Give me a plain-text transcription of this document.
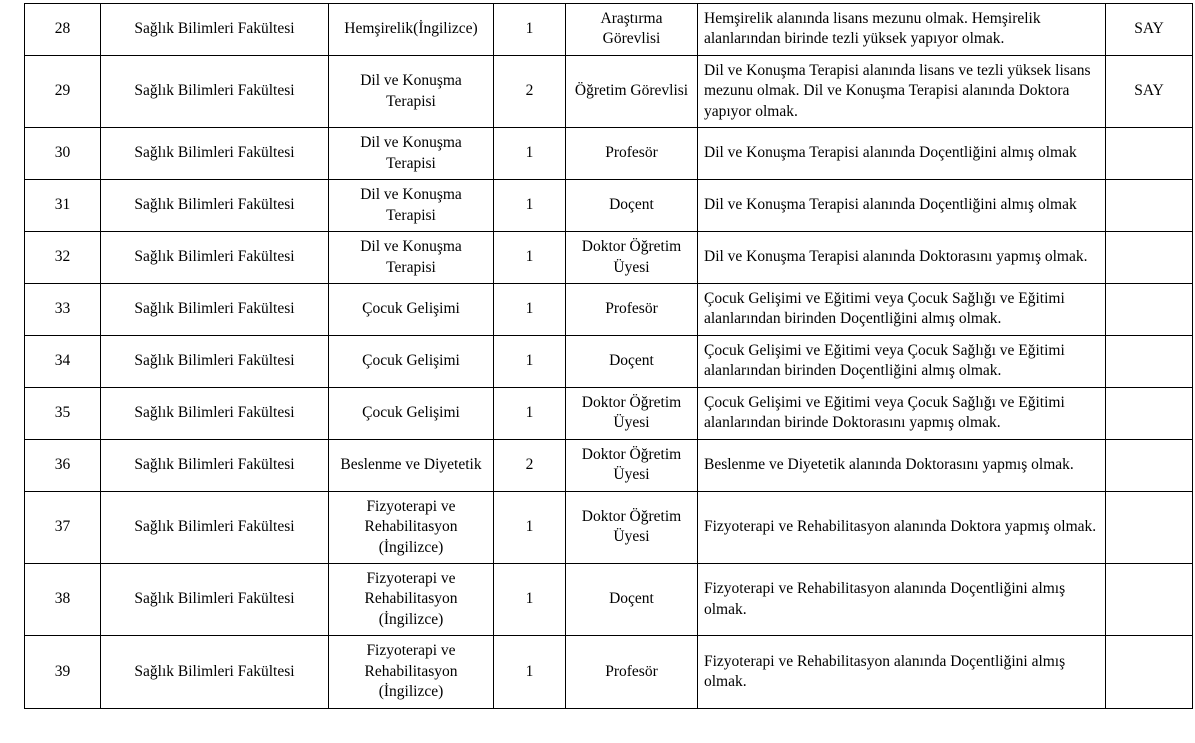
28	Sağlık Bilimleri Fakültesi	Hemşirelik(İngilizce)	1	Araştırma
Görevlisi	Hemşirelik alanında lisans mezunu olmak. Hemşirelik alanlarından birinde tezli yüksek yapıyor olmak.	SAY

29	Sağlık Bilimleri Fakültesi	Dil ve Konuşma
Terapisi	2	Öğretim Görevlisi	Dil ve Konuşma Terapisi alanında lisans ve tezli yüksek lisans mezunu olmak. Dil ve Konuşma Terapisi alanında Doktora yapıyor olmak.	SAY

30	Sağlık Bilimleri Fakültesi	Dil ve Konuşma
Terapisi	1	Profesör	Dil ve Konuşma Terapisi alanında Doçentliğini almış olmak	

31	Sağlık Bilimleri Fakültesi	Dil ve Konuşma
Terapisi	1	Doçent	Dil ve Konuşma Terapisi alanında Doçentliğini almış olmak	

32	Sağlık Bilimleri Fakültesi	Dil ve Konuşma
Terapisi	1	Doktor Öğretim
Üyesi	Dil ve Konuşma Terapisi alanında Doktorasını yapmış olmak.	

33	Sağlık Bilimleri Fakültesi	Çocuk Gelişimi	1	Profesör	Çocuk Gelişimi ve Eğitimi veya Çocuk Sağlığı ve Eğitimi alanlarından birinden Doçentliğini almış olmak.	

34	Sağlık Bilimleri Fakültesi	Çocuk Gelişimi	1	Doçent	Çocuk Gelişimi ve Eğitimi veya Çocuk Sağlığı ve Eğitimi alanlarından birinden Doçentliğini almış olmak.	

35	Sağlık Bilimleri Fakültesi	Çocuk Gelişimi	1	Doktor Öğretim
Üyesi	Çocuk Gelişimi ve Eğitimi veya Çocuk Sağlığı ve Eğitimi alanlarından birinde Doktorasını yapmış olmak.	

36	Sağlık Bilimleri Fakültesi	Beslenme ve Diyetetik	2	Doktor Öğretim
Üyesi	Beslenme ve Diyetetik alanında Doktorasını yapmış olmak.	

37	Sağlık Bilimleri Fakültesi	Fizyoterapi ve
Rehabilitasyon
(İngilizce)	1	Doktor Öğretim
Üyesi	Fizyoterapi ve Rehabilitasyon alanında Doktora yapmış olmak.	

38	Sağlık Bilimleri Fakültesi	Fizyoterapi ve
Rehabilitasyon
(İngilizce)	1	Doçent	Fizyoterapi ve Rehabilitasyon alanında Doçentliğini almış olmak.	

39	Sağlık Bilimleri Fakültesi	Fizyoterapi ve
Rehabilitasyon
(İngilizce)	1	Profesör	Fizyoterapi ve Rehabilitasyon alanında Doçentliğini almış olmak.	
